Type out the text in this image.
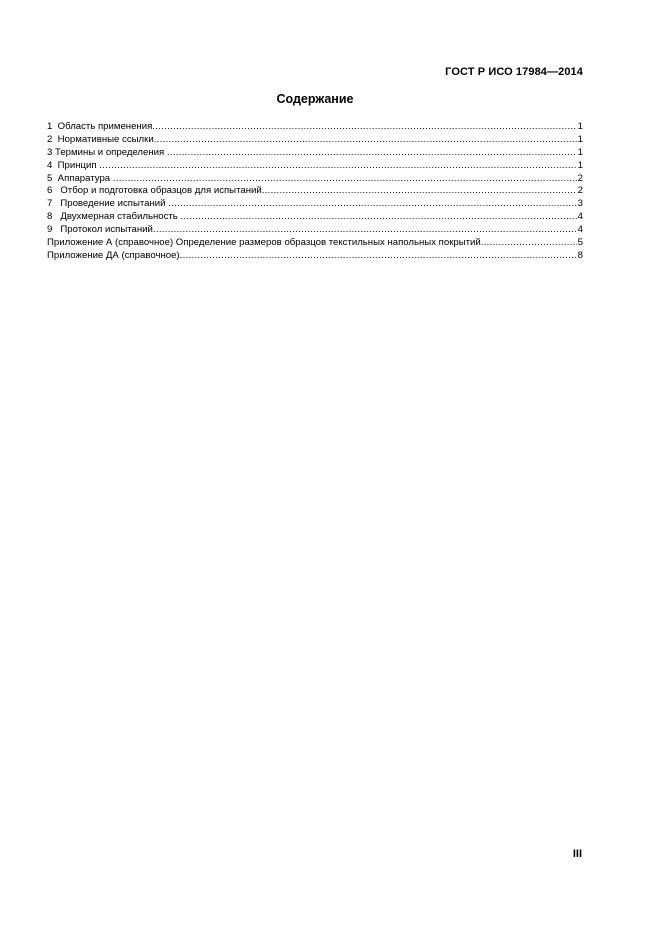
ГОСТ Р ИСО 17984—2014
Содержание
1  Область применения .....	1
2  Нормативные ссылки .....	1
3 Термины и определения .....	1
4  Принцип .....	1
5  Аппаратура .....	2
6   Отбор и подготовка образцов для испытаний .....	2
7   Проведение испытаний .....	3
8   Двухмерная стабильность .....	4
9   Протокол испытаний .....	4
Приложение А (справочное) Определение размеров образцов текстильных напольных покрытий .....	5
Приложение ДА (справочное) .....	8
III
